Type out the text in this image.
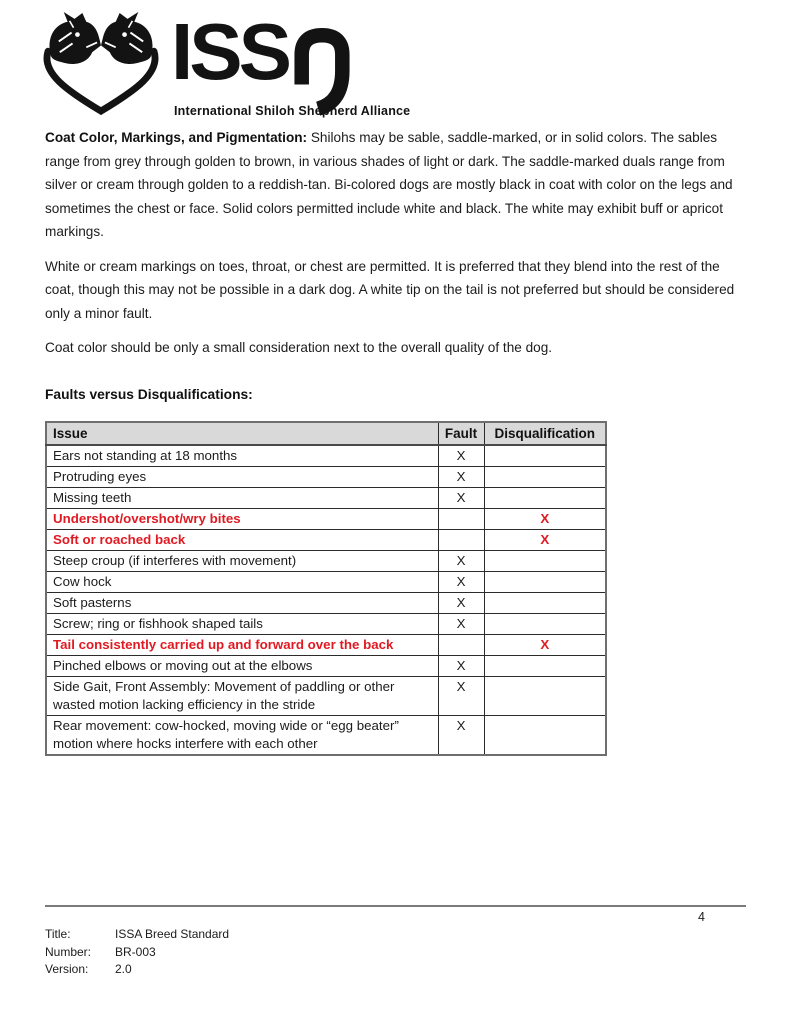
ISS
International Shiloh Shepherd Alliance

Coat Color, Markings, and Pigmentation: Shilohs may be sable, saddle-marked, or in solid colors. The sables range from grey through golden to brown, in various shades of light or dark. The saddle-marked duals range from silver or cream through golden to a reddish-tan. Bi-colored dogs are mostly black in coat with color on the legs and sometimes the chest or face. Solid colors permitted include white and black. The white may exhibit buff or apricot markings.

White or cream markings on toes, throat, or chest are permitted. It is preferred that they blend into the rest of the coat, though this may not be possible in a dark dog. A white tip on the tail is not preferred but should be considered only a minor fault.

Coat color should be only a small consideration next to the overall quality of the dog.

Faults versus Disqualifications:
Issue	Fault	Disqualification
Ears not standing at 18 months	X	
Protruding eyes	X	
Missing teeth	X	
Undershot/overshot/wry bites		X
Soft or roached back		X
Steep croup (if interferes with movement)	X	
Cow hock	X	
Soft pasterns	X	
Screw; ring or fishhook shaped tails	X	
Tail consistently carried up and forward over the back		X
Pinched elbows or moving out at the elbows	X	
Side Gait, Front Assembly: Movement of paddling or other wasted motion lacking efficiency in the stride	X	
Rear movement: cow-hocked, moving wide or “egg beater” motion where hocks interfere with each other	X	
4
Title:	ISSA Breed Standard
Number: BR-003
Version: 2.0
